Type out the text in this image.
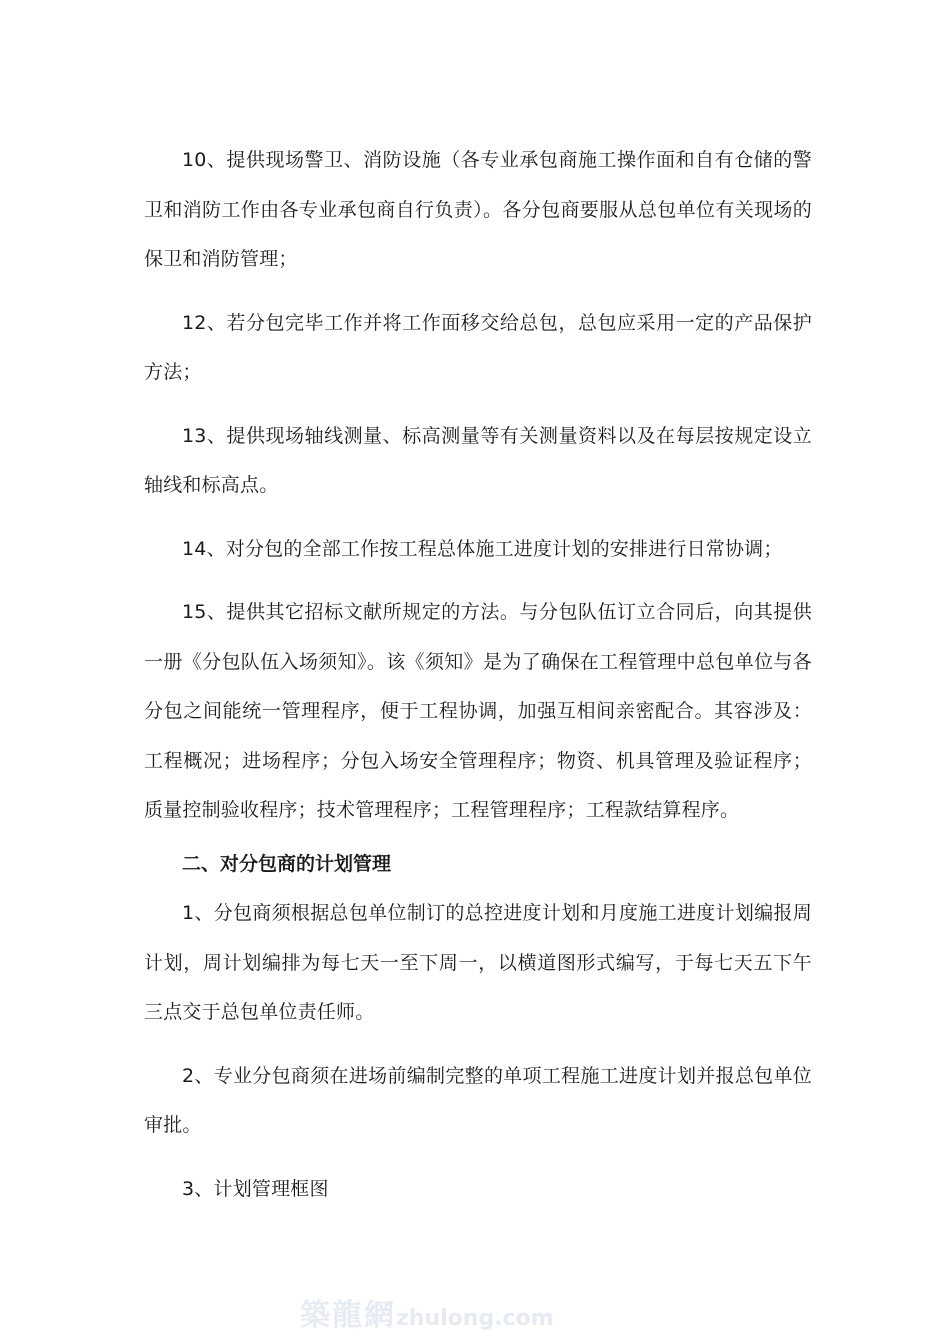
10、提供现场警卫、消防设施（各专业承包商施工操作面和自有仓储的警卫和消防工作由各专业承包商自行负责）。各分包商要服从总包单位有关现场的保卫和消防管理；

12、若分包完毕工作并将工作面移交给总包，总包应采用一定的产品保护方法；

13、提供现场轴线测量、标高测量等有关测量资料以及在每层按规定设立轴线和标高点。

14、对分包的全部工作按工程总体施工进度计划的安排进行日常协调；

15、提供其它招标文献所规定的方法。与分包队伍订立合同后，向其提供一册《分包队伍入场须知》。该《须知》是为了确保在工程管理中总包单位与各分包之间能统一管理程序，便于工程协调，加强互相间亲密配合。其容涉及：工程概况；进场程序；分包入场安全管理程序；物资、机具管理及验证程序；质量控制验收程序；技术管理程序；工程管理程序；工程款结算程序。

二、对分包商的计划管理

1、分包商须根据总包单位制订的总控进度计划和月度施工进度计划编报周计划，周计划编排为每七天一至下周一，以横道图形式编写，于每七天五下午三点交于总包单位责任师。

2、专业分包商须在进场前编制完整的单项工程施工进度计划并报总包单位审批。

3、计划管理框图

築龍網zhulong.com
